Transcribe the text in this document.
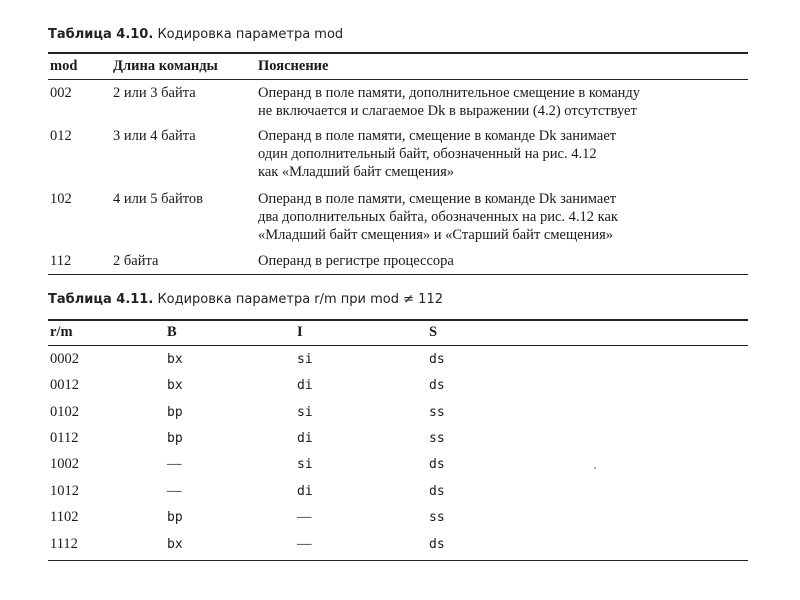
Таблица 4.10. Кодировка параметра mod
mod Длина команды	Пояснение
002	2 или 3 байта	Операнд в поле памяти, дополнительное смещение в команду
не включается и слагаемое Dk в выражении (4.2) отсутствует
012	3 или 4 байта	Операнд в поле памяти, смещение в команде Dk занимает
один дополнительный байт, обозначенный на рис. 4.12
как «Младший байт смещения»
102	4 или 5 байтов	Операнд в поле памяти, смещение в команде Dk занимает
два дополнительных байта, обозначенных на рис. 4.12 как
«Младший байт смещения» и «Старший байт смещения»
112	2 байта	Операнд в регистре процессора
Таблица 4.11. Кодировка параметра r/m при mod ≠ 112
r/m	B	I	S
0002	bx	si	ds
0012	bx	di	ds
0102	bp	si	ss
0112	bp	di	ss
1002	—	si	ds
1012	—	di	ds
1102	bp	—	ss
1112	bx	—	ds
